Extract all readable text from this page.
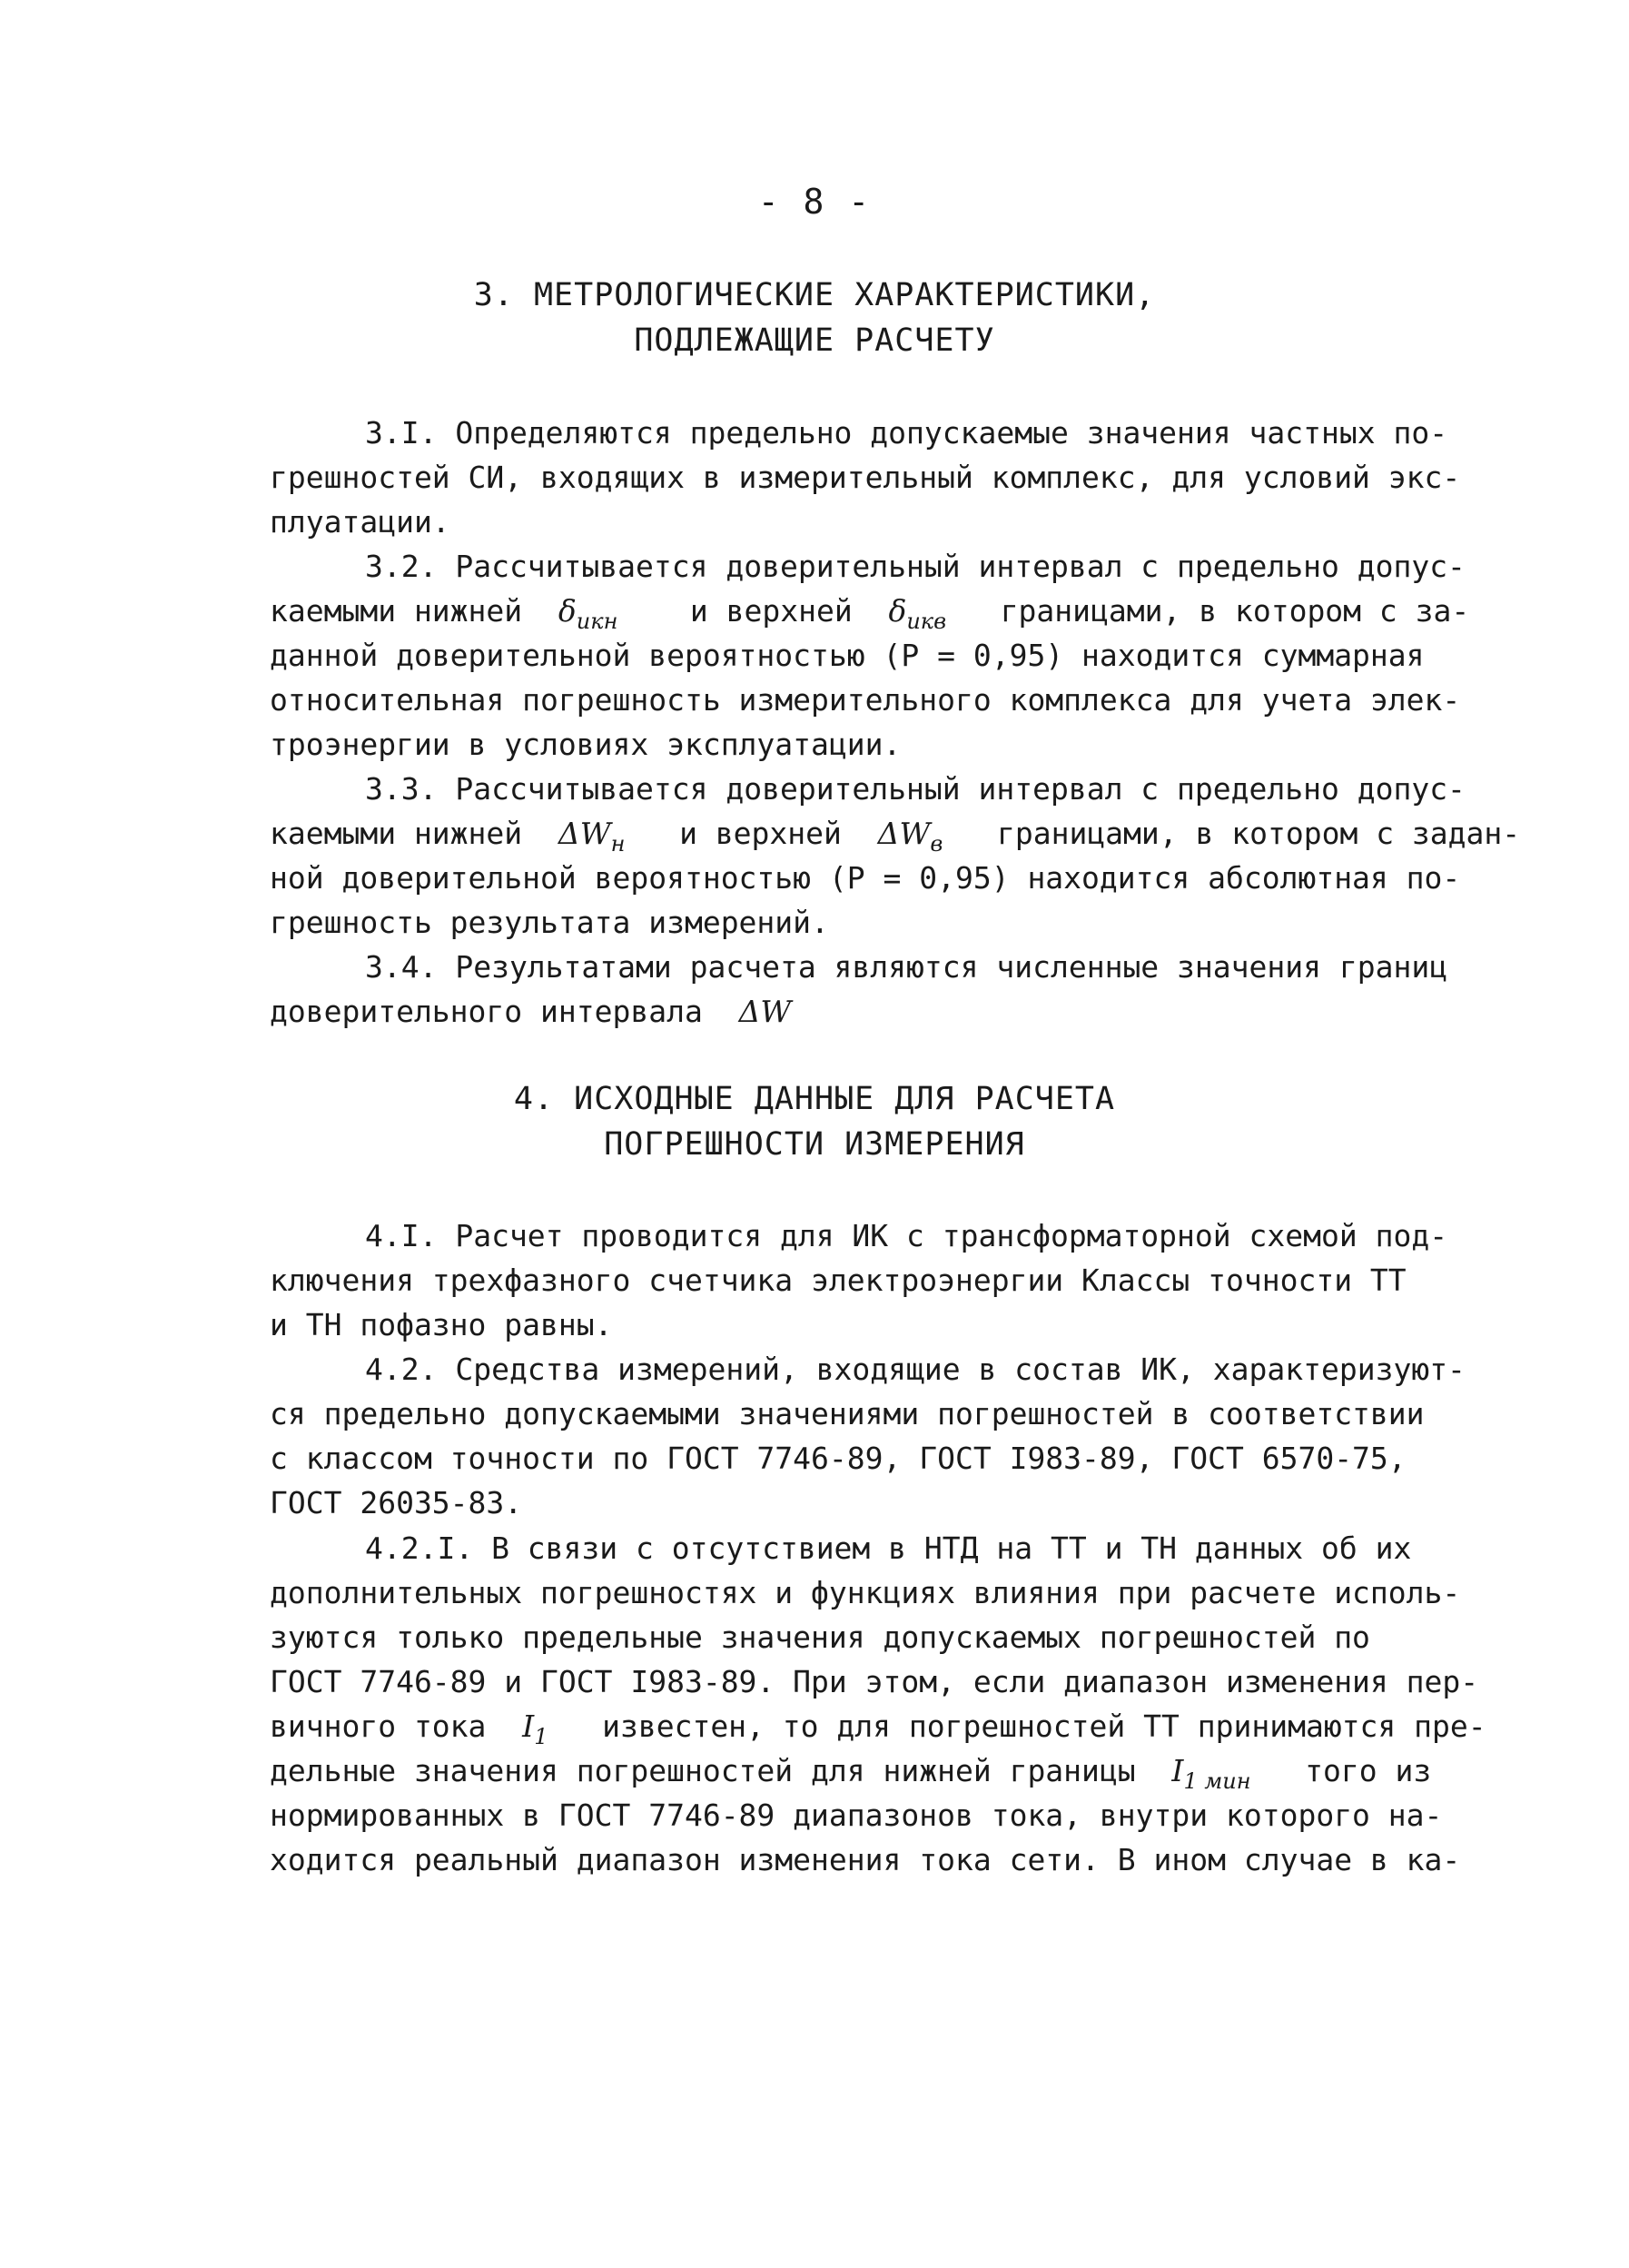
- 8 -
3. МЕТРОЛОГИЧЕСКИЕ ХАРАКТЕРИСТИКИ,
ПОДЛЕЖАЩИЕ РАСЧЕТУ
3.I. Определяются предельно допускаемые значения частных по-
грешностей СИ, входящих в измерительный комплекс, для условий экс-
плуатации.
3.2. Рассчитывается доверительный интервал с предельно допус-
каемыми нижней $\delta_{икн}$ и верхней $\delta_{икв}$ границами, в котором с за-
данной доверительной вероятностью (Р = 0,95) находится суммарная
относительная погрешность измерительного комплекса для учета элек-
троэнергии в условиях эксплуатации.
3.3. Рассчитывается доверительный интервал с предельно допус-
каемыми нижней $\Delta W_н$ и верхней $\Delta W_в$ границами, в котором с задан-
ной доверительной вероятностью (Р = 0,95) находится абсолютная по-
грешность результата измерений.
3.4. Результатами расчета являются численные значения границ
доверительного интервала ΔW
4. ИСХОДНЫЕ ДАННЫЕ ДЛЯ РАСЧЕТА
ПОГРЕШНОСТИ ИЗМЕРЕНИЯ
4.I. Расчет проводится для ИК с трансформаторной схемой под-
ключения трехфазного счетчика электроэнергии Классы точности ТТ
и ТН пофазно равны.
4.2. Средства измерений, входящие в состав ИК, характеризуют-
ся предельно допускаемыми значениями погрешностей в соответствии
с классом точности по ГОСТ 7746-89, ГОСТ I983-89, ГОСТ 6570-75,
ГОСТ 26035-83.
4.2.I. В связи с отсутствием в НТД на ТТ и ТН данных об их
дополнительных погрешностях и функциях влияния при расчете исполь-
зуются только предельные значения допускаемых погрешностей по
ГОСТ 7746-89 и ГОСТ I983-89. При этом, если диапазон изменения пер-
вичного тока $I_1$ известен, то для погрешностей ТТ принимаются пре-
дельные значения погрешностей для нижней границы $I_{1 мин}$ того из
нормированных в ГОСТ 7746-89 диапазонов тока, внутри которого на-
ходится реальный диапазон изменения тока сети. В ином случае в ка-
